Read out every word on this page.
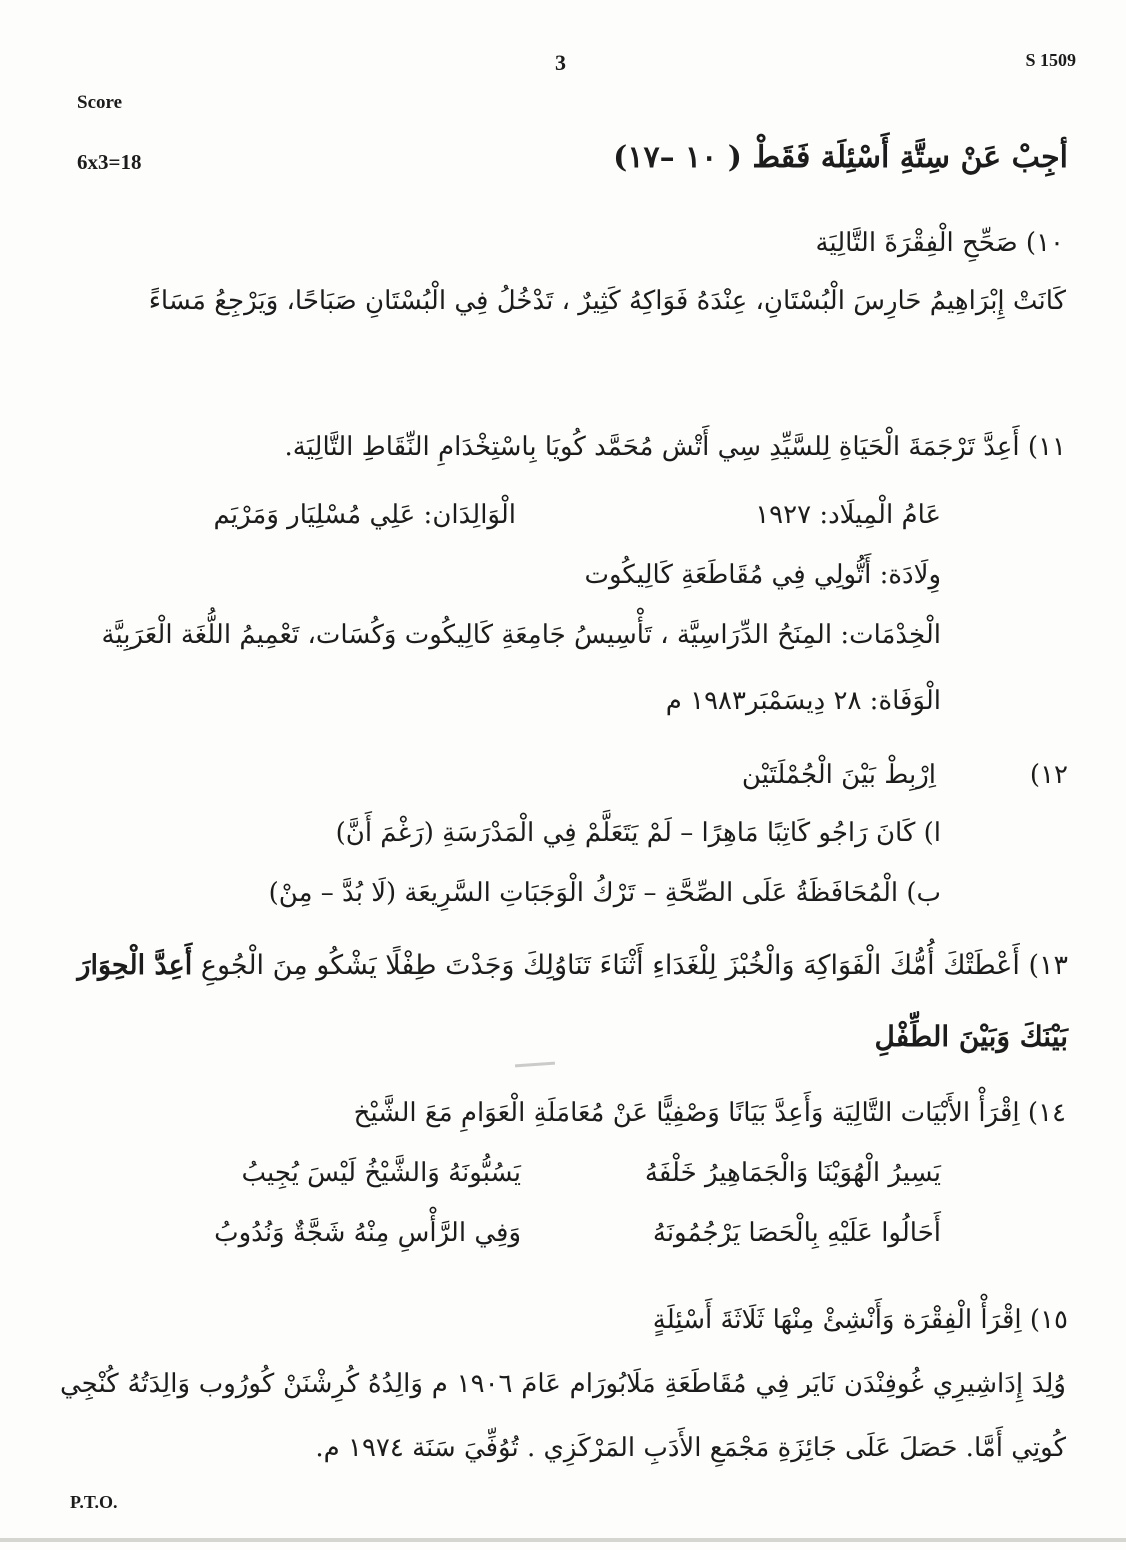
3	S 1509
Score
6x3=18	أجِبْ عَنْ سِتَّةِ أَسْئِلَة فَقَطْ ( ١٠ –١٧)
١٠) صَحِّحِ الْفِقْرَةَ التَّالِيَة
كَانَتْ إِبْرَاهِيمُ حَارِسَ الْبُسْتَانِ، عِنْدَهُ فَوَاكِهُ كَثِيرٌ ، تَدْخُلُ فِي الْبُسْتَانِ صَبَاحًا، وَيَرْجِعُ مَسَاءً
١١) أَعِدَّ تَرْجَمَةَ الْحَيَاةِ لِلسَّيِّدِ سِي أَتْش مُحَمَّد كُويَا بِاسْتِخْدَامِ النِّقَاطِ التَّالِيَة.
عَامُ الْمِيلَاد: ١٩٢٧
الْوَالِدَان: عَلِي مُسْلِيَار وَمَرْيَم
وِلَادَة: أَتُّولِي فِي مُقَاطَعَةِ كَالِيكُوت
الْخِدْمَات: المِنَحُ الدِّرَاسِيَّة ، تَأْسِيسُ جَامِعَةِ كَالِيكُوت وَكُسَات، تَعْمِيمُ اللُّغَة الْعَرَبِيَّة
الْوَفَاة: ٢٨ دِيسَمْبَر١٩٨٣ م
١٢)
اِرْبِطْ بَيْنَ الْجُمْلَتَيْن
ا) كَانَ رَاجُو كَاتِبًا مَاهِرًا – لَمْ يَتَعَلَّمْ فِي الْمَدْرَسَةِ (رَغْمَ أَنَّ)
ب) الْمُحَافَظَةُ عَلَى الصِّحَّةِ – تَرْكُ الْوَجَبَاتِ السَّرِيعَة (لَا بُدَّ – مِنْ)
١٣) أَعْطَتْكَ أُمُّكَ الْفَوَاكِهَ وَالْخُبْزَ لِلْغَدَاءِ أَثْنَاءَ تَنَاوُلِكَ وَجَدْتَ طِفْلًا يَشْكُو مِنَ الْجُوعِ أَعِدَّ الْحِوَارَ
بَيْنَكَ وَبَيْنَ الطِّفْلِ
١٤) اِقْرَأْ الأَبْيَات التَّالِيَة وَأَعِدَّ بَيَانًا وَصْفِيًّا عَنْ مُعَامَلَةِ الْعَوَامِ مَعَ الشَّيْخ
يَسِيرُ الْهُوَيْنَا وَالْجَمَاهِيرُ خَلْفَهُ
يَسُبُّونَهُ وَالشَّيْخُ لَيْسَ يُجِيبُ
أَحَالُوا عَلَيْهِ بِالْحَصَا يَرْجُمُونَهُ
وَفِي الرَّأْسِ مِنْهُ شَجَّةٌ وَنُدُوبُ
١٥) اِقْرَأْ الْفِقْرَة وَأَنْشِئْ مِنْهَا ثَلَاثَةَ أَسْئِلَةٍ
وُلِدَ إِدَاشِيرِي غُوفِنْدَن نَايَر فِي مُقَاطَعَةِ مَلَابُورَام عَامَ ١٩٠٦ م وَالِدُهُ كُرِشْنَنْ كُورُوب وَالِدَتُهُ كُنْجِي كُوتِي أَمَّا. حَصَلَ عَلَى جَائِزَةِ مَجْمَعِ الأَدَبِ المَرْكَزِي . تُوُفِّيَ سَنَة ١٩٧٤ م.
P.T.O.
